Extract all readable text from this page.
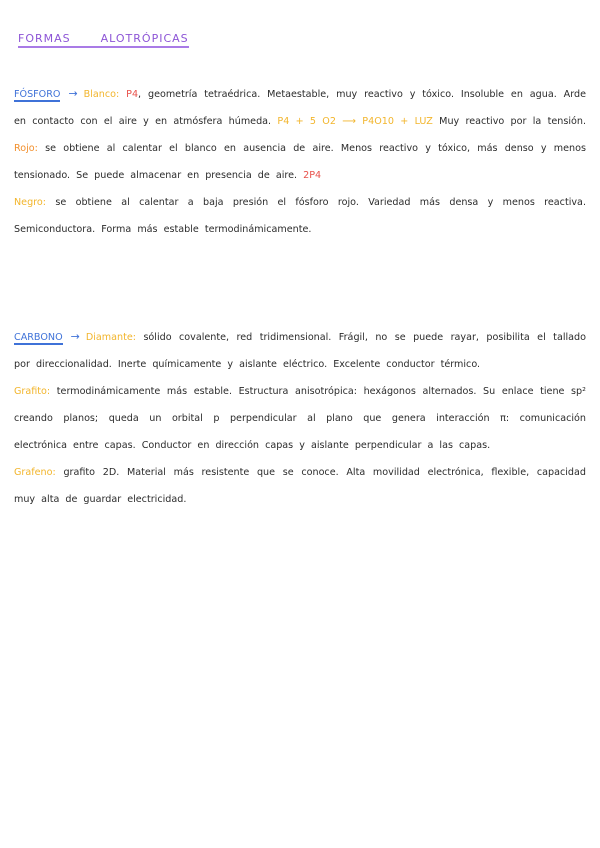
FORMAS	ALOTRÓPICAS
FÓSFORO → Blanco: P4, geometría tetraédrica. Metaestable, muy reactivo y tóxico. Insoluble en agua. Arde en contacto con el aire y en atmósfera húmeda. P4 + 5 O2 ⟶ P4O10 + LUZ Muy reactivo por la tensión. Rojo: se obtiene al calentar el blanco en ausencia de aire. Menos reactivo y tóxico, más denso y menos tensionado. Se puede almacenar en presencia de aire. 2P4
Negro: se obtiene al calentar a baja presión el fósforo rojo. Variedad más densa y menos reactiva. Semiconductora. Forma más estable termodinámicamente.
CARBONO → Diamante: sólido covalente, red tridimensional. Frágil, no se puede rayar, posibilita el tallado por direccionalidad. Inerte químicamente y aislante eléctrico. Excelente conductor térmico.
Grafito: termodinámicamente más estable. Estructura anisotrópica: hexágonos alternados. Su enlace tiene sp² creando planos; queda un orbital p perpendicular al plano que genera interacción π: comunicación electrónica entre capas. Conductor en dirección capas y aislante perpendicular a las capas.
Grafeno: grafito 2D. Material más resistente que se conoce. Alta movilidad electrónica, flexible, capacidad muy alta de guardar electricidad.
